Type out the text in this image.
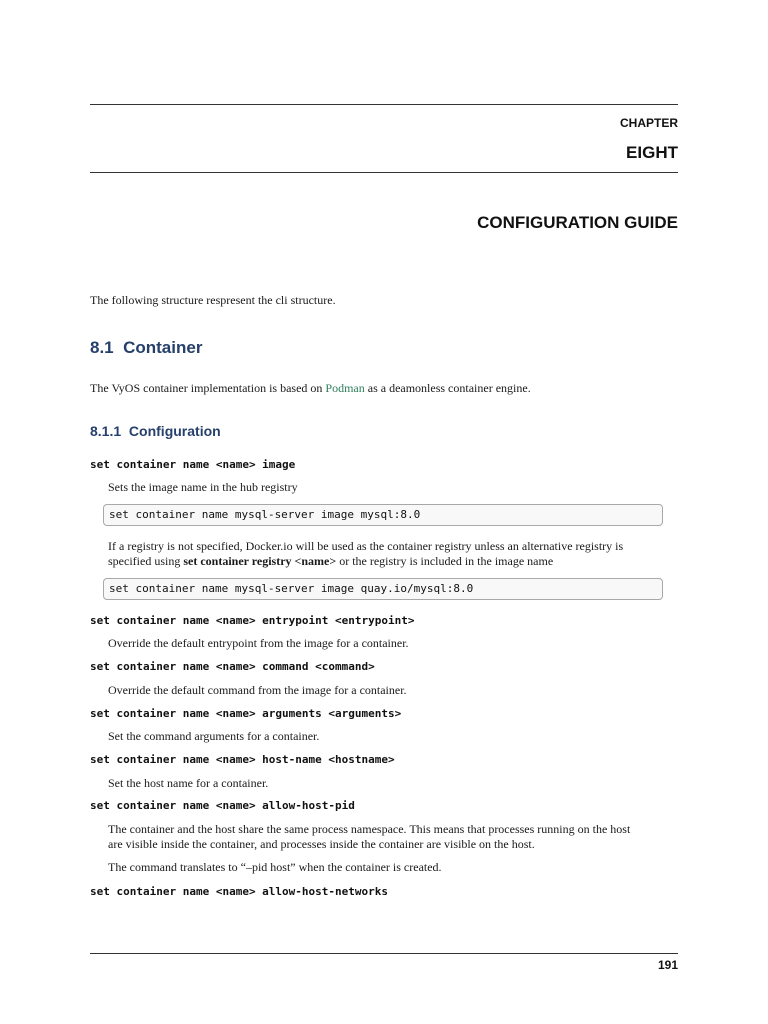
CHAPTER
EIGHT
CONFIGURATION GUIDE
The following structure respresent the cli structure.
8.1 Container
The VyOS container implementation is based on Podman as a deamonless container engine.
8.1.1 Configuration
set container name <name> image
Sets the image name in the hub registry
set container name mysql-server image mysql:8.0
If a registry is not specified, Docker.io will be used as the container registry unless an alternative registry is
specified using set container registry <name> or the registry is included in the image name
set container name mysql-server image quay.io/mysql:8.0
set container name <name> entrypoint <entrypoint>
Override the default entrypoint from the image for a container.
set container name <name> command <command>
Override the default command from the image for a container.
set container name <name> arguments <arguments>
Set the command arguments for a container.
set container name <name> host-name <hostname>
Set the host name for a container.
set container name <name> allow-host-pid
The container and the host share the same process namespace. This means that processes running on the host
are visible inside the container, and processes inside the container are visible on the host.
The command translates to “–pid host” when the container is created.
set container name <name> allow-host-networks
191
